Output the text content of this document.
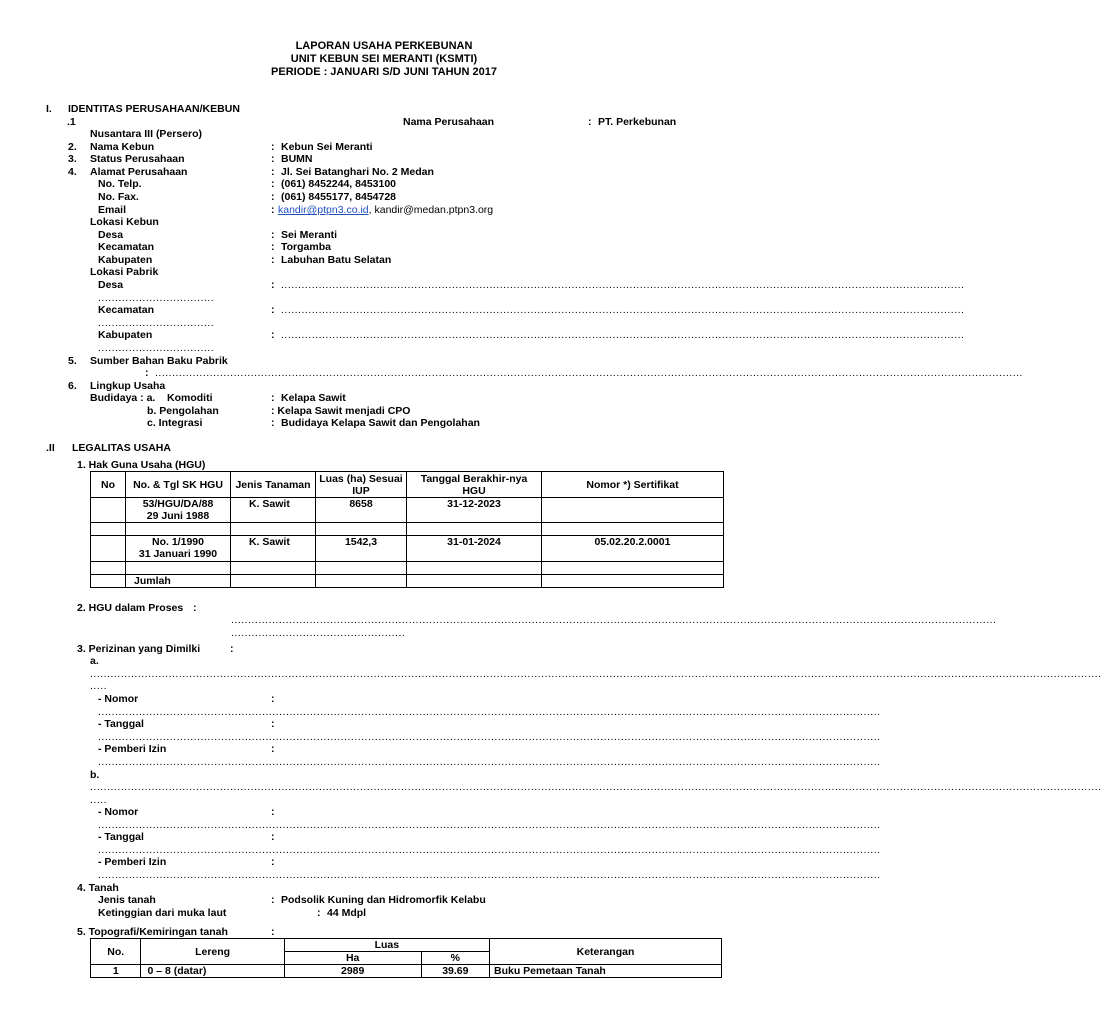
LAPORAN USAHA PERKEBUNAN
UNIT KEBUN SEI MERANTI (KSMTI)
PERIODE : JANUARI S/D JUNI TAHUN 2017
I. IDENTITAS PERUSAHAAN/KEBUN
.1	Nama Perusahaan	: PT. Perkebunan
Nusantara III (Persero)
2. Nama Kebun	: Kebun Sei Meranti
3. Status Perusahaan	: BUMN
4. Alamat Perusahaan	: Jl. Sei Batanghari No. 2 Medan
No. Telp.	: (061) 8452244, 8453100
No. Fax.	: (061) 8455177, 8454728
Email	: kandir@ptpn3.co.id, kandir@medan.ptpn3.org
Lokasi Kebun
Desa	: Sei Meranti
Kecamatan	: Torgamba
Kabupaten	: Labuhan Batu Selatan
Lokasi Pabrik
Desa	: ........................................................................................................................................................................................................
..................................
Kecamatan	: ........................................................................................................................................................................................................
..................................
Kabupaten	: ........................................................................................................................................................................................................
..................................
5. Sumber Bahan Baku Pabrik
: ..............................................................................................................................................................................................................................................................
6. Lingkup Usaha
Budidaya : a. Komoditi	: Kelapa Sawit
b. Pengolahan	: Kelapa Sawit menjadi CPO
c. Integrasi	: Budidaya Kelapa Sawit dan Pengolahan
.II LEGALITAS USAHA
1. Hak Guna Usaha (HGU)
No	No. & Tgl SK HGU	Jenis Tanaman	Luas (ha) Sesuai IUP	Tanggal Berakhir-nya HGU	Nomor *) Sertifikat

	53/HGU/DA/88
29 Juni 1988	K. Sawit	8658	31-12-2023	

	No. 1/1990
31 Januari 1990	K. Sawit	1542,3	31-01-2024	05.02.20.2.0001

	Jumlah				
2. HGU dalam Proses :
................................................................................................................................................................................................................................
...................................................
3. Perizinan yang Dimilki	:
a.
........................................................................................................................................................................................................................................................................................................
.....
- Nomor	:
.....................................................................................................................................................................................................................................
- Tanggal	:
.....................................................................................................................................................................................................................................
- Pemberi Izin	:
.....................................................................................................................................................................................................................................
b.
........................................................................................................................................................................................................................................................................................................
.....
- Nomor	:
.....................................................................................................................................................................................................................................
- Tanggal	:
.....................................................................................................................................................................................................................................
- Pemberi Izin	:
.....................................................................................................................................................................................................................................
4. Tanah
Jenis tanah	: Podsolik Kuning dan Hidromorfik Kelabu
Ketinggian dari muka laut	: 44 Mdpl
5. Topografi/Kemiringan tanah	:
No.	Lereng	Luas		Keterangan
		Ha	%	
1	0 – 8 (datar)	2989	39.69	Buku Pemetaan Tanah
